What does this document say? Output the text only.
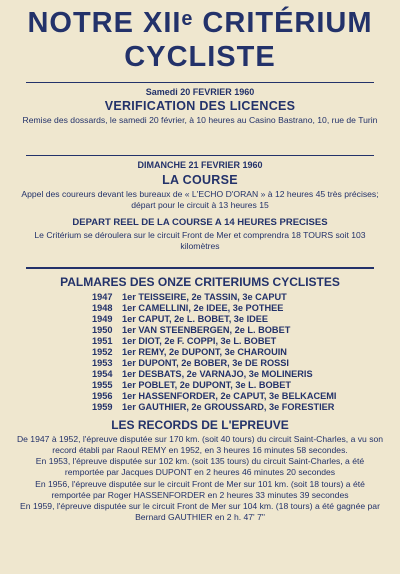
NOTRE XIIᵉ CRITÉRIUM
CYCLISTE
Samedi 20 FEVRIER 1960
VERIFICATION DES LICENCES
Remise des dossards, le samedi 20 février, à 10 heures au Casino Bastrano, 10, rue de Turin
DIMANCHE 21 FEVRIER 1960
LA COURSE
Appel des coureurs devant les bureaux de « L'ECHO D'ORAN » à 12 heures 45 très précises; départ pour le circuit à 13 heures 15
DEPART REEL DE LA COURSE A 14 HEURES PRECISES
Le Critérium se déroulera sur le circuit Front de Mer et comprendra 18 TOURS soit 103 kilomètres
PALMARES DES ONZE CRITERIUMS CYCLISTES
1947	1er TEISSEIRE, 2e TASSIN, 3e CAPUT
1948	1er CAMELLINI, 2e IDEE, 3e POTHEE
1949	1er CAPUT, 2e L. BOBET, 3e IDEE
1950	1er VAN STEENBERGEN, 2e L. BOBET
1951	1er DIOT, 2e F. COPPI, 3e L. BOBET
1952	1er REMY, 2e DUPONT, 3e CHAROUIN
1953	1er DUPONT, 2e BOBER, 3e DE ROSSI
1954	1er DESBATS, 2e VARNAJO, 3e MOLINERIS
1955	1er POBLET, 2e DUPONT, 3e L. BOBET
1956	1er HASSENFORDER, 2e CAPUT, 3e BELKACEMI
1959	1er GAUTHIER, 2e GROUSSARD, 3e FORESTIER
LES RECORDS DE L'EPREUVE

De 1947 à 1952, l'épreuve disputée sur 170 km. (soit 40 tours) du circuit Saint-Charles, a vu son record établi par Raoul REMY en 1952, en 3 heures 16 minutes 58 secondes.

En 1953, l'épreuve disputée sur 102 km. (soit 135 tours) du circuit Saint-Charles, a été remportée par Jacques DUPONT en 2 heures 46 minutes 20 secondes

En 1956, l'épreuve disputée sur le circuit Front de Mer sur 101 km. (soit 18 tours) a été remportée par Roger HASSENFORDER en 2 heures 33 minutes 39 secondes

En 1959, l'épreuve disputée sur le circuit Front de Mer sur 104 km. (18 tours) a été gagnée par Bernard GAUTHIER en 2 h. 47' 7"
